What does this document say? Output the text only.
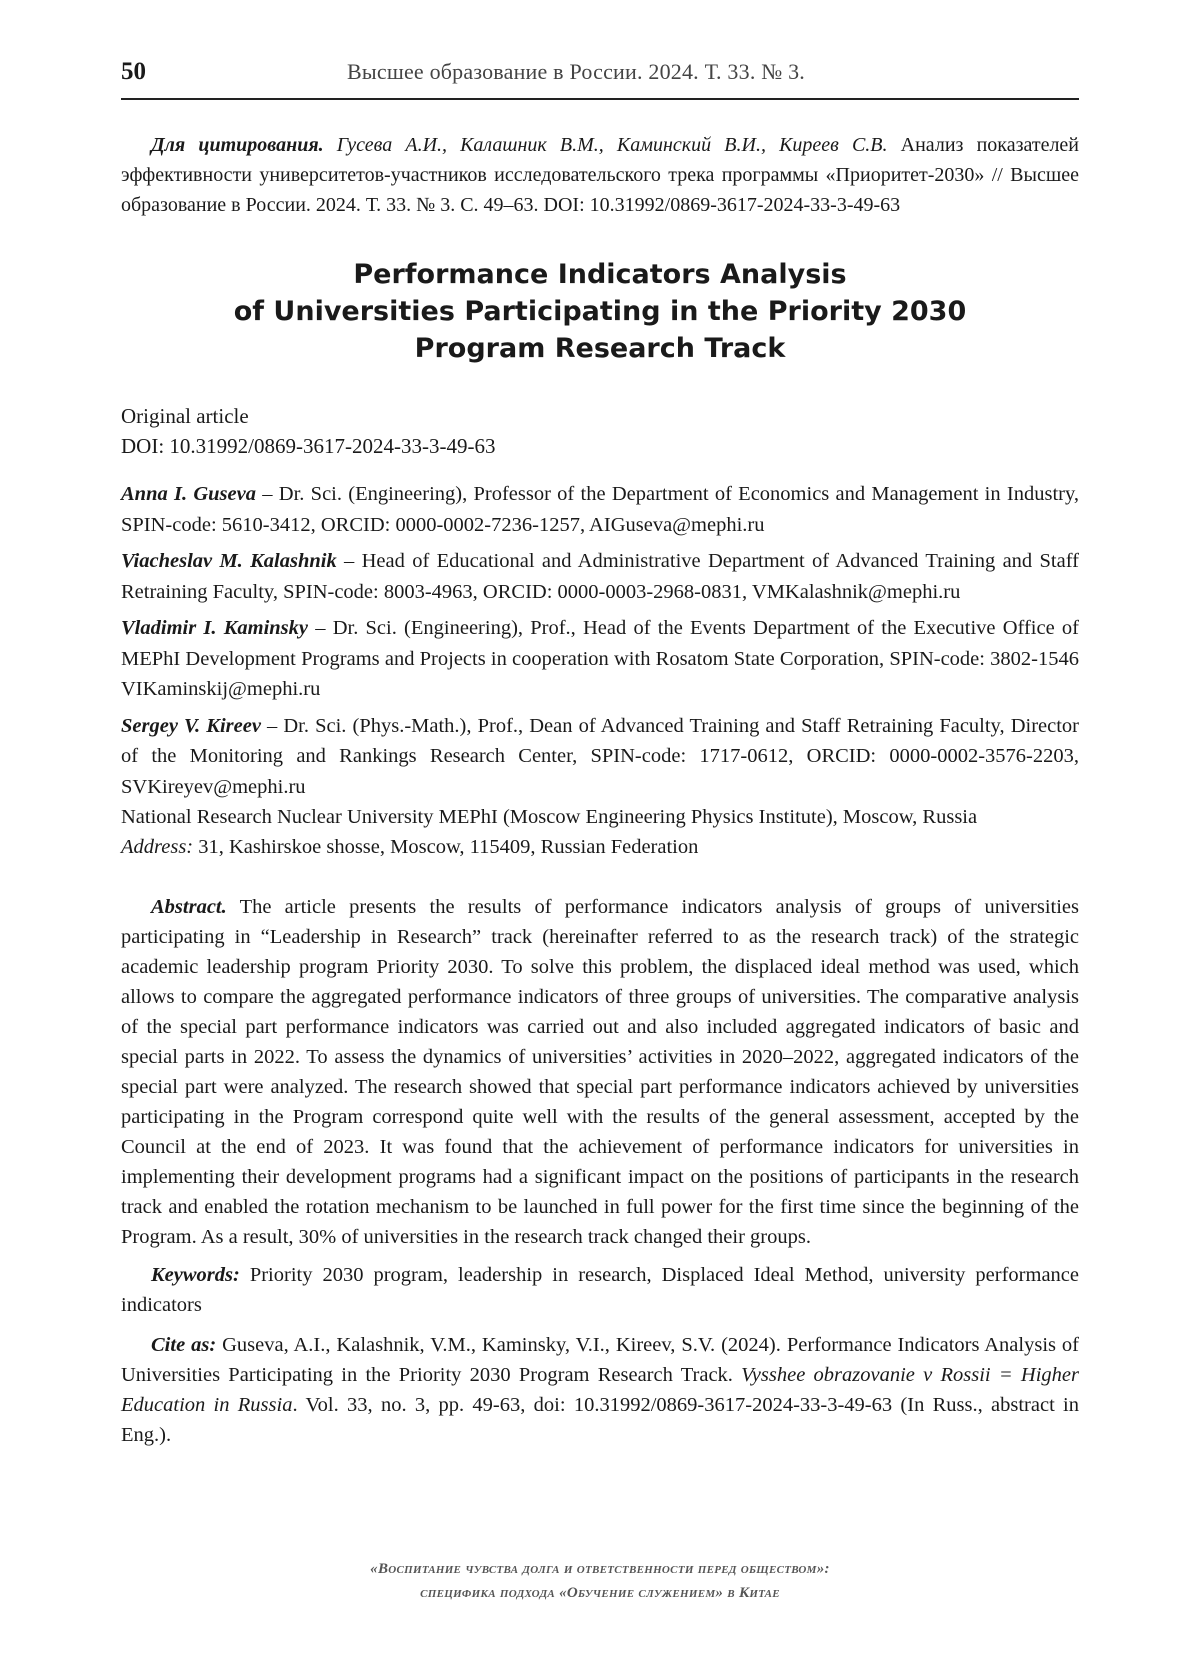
50	Высшее образование в России. 2024. Т. 33. № 3.

Для цитирования. Гусева А.И., Калашник В.М., Каминский В.И., Киреев С.В. Анализ показателей эффективности университетов-участников исследовательского трека программы «Приоритет-2030» // Высшее образование в России. 2024. Т. 33. № 3. С. 49–63. DOI: 10.31992/0869-3617-2024-33-3-49-63

Performance Indicators Analysis
of Universities Participating in the Priority 2030
Program Research Track
Original article
DOI: 10.31992/0869-3617-2024-33-3-49-63

Anna I. Guseva – Dr. Sci. (Engineering), Professor of the Department of Economics and Management in Industry, SPIN-code: 5610-3412, ORCID: 0000-0002-7236-1257, AIGuseva@mephi.ru

Viacheslav M. Kalashnik – Head of Educational and Administrative Department of Advanced Training and Staff Retraining Faculty, SPIN-code: 8003-4963, ORCID: 0000-0003-2968-0831, VMKalashnik@mephi.ru

Vladimir I. Kaminsky – Dr. Sci. (Engineering), Prof., Head of the Events Department of the Executive Office of MEPhI Development Programs and Projects in cooperation with Rosatom State Corporation, SPIN-code: 3802-1546 VIKaminskij@mephi.ru

Sergey V. Kireev – Dr. Sci. (Phys.-Math.), Prof., Dean of Advanced Training and Staff Retraining Faculty, Director of the Monitoring and Rankings Research Center, SPIN-code: 1717-0612, ORCID: 0000-0002-3576-2203, SVKireyev@mephi.ru

National Research Nuclear University MEPhI (Moscow Engineering Physics Institute), Moscow, Russia
Address: 31, Kashirskoe shosse, Moscow, 115409, Russian Federation

Abstract. The article presents the results of performance indicators analysis of groups of universities participating in “Leadership in Research” track (hereinafter referred to as the research track) of the strategic academic leadership program Priority 2030. To solve this problem, the displaced ideal method was used, which allows to compare the aggregated performance indicators of three groups of universities. The comparative analysis of the special part performance indicators was carried out and also included aggregated indicators of basic and special parts in 2022. To assess the dynamics of universities’ activities in 2020–2022, aggregated indicators of the special part were analyzed. The research showed that special part performance indicators achieved by universities participating in the Program correspond quite well with the results of the general assessment, accepted by the Council at the end of 2023. It was found that the achievement of performance indicators for universities in implementing their development programs had a significant impact on the positions of participants in the research track and enabled the rotation mechanism to be launched in full power for the first time since the beginning of the Program. As a result, 30% of universities in the research track changed their groups.

Keywords: Priority 2030 program, leadership in research, Displaced Ideal Method, university performance indicators

Cite as: Guseva, A.I., Kalashnik, V.M., Kaminsky, V.I., Kireev, S.V. (2024). Performance Indicators Analysis of Universities Participating in the Priority 2030 Program Research Track. Vysshee obrazovanie v Rossii = Higher Education in Russia. Vol. 33, no. 3, pp. 49-63, doi: 10.31992/0869-3617-2024-33-3-49-63 (In Russ., abstract in Eng.).

«Воспитание чувства долга и ответственности перед обществом»:
специфика подхода «Обучение служением» в Китае
